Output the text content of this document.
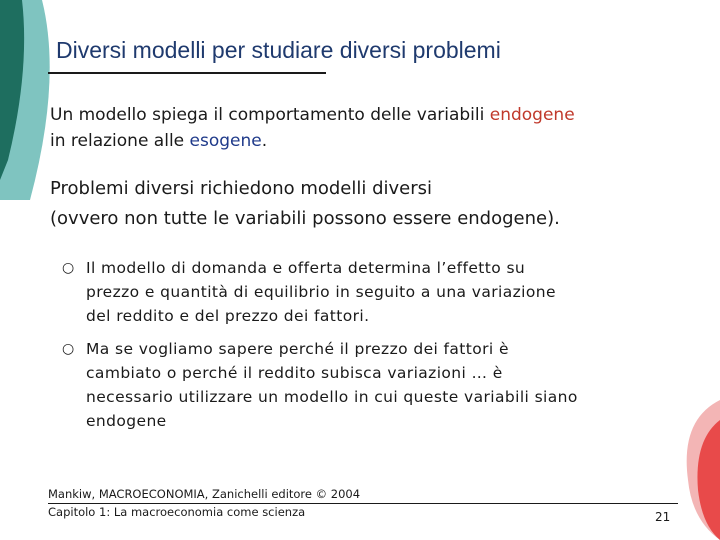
Diversi modelli per studiare diversi problemi
Un modello spiega il comportamento delle variabili endogene
in relazione alle esogene.
Problemi diversi richiedono modelli diversi
(ovvero non tutte le variabili possono essere endogene).
○ Il modello di domanda e offerta determina l’effetto su
prezzo e quantità di equilibrio in seguito a una variazione
del reddito e del prezzo dei fattori.
○ Ma se vogliamo sapere perché il prezzo dei fattori è
cambiato o perché il reddito subisca variazioni … è
necessario utilizzare un modello in cui queste variabili siano
endogene
Mankiw, MACROECONOMIA, Zanichelli editore © 2004
Capitolo 1: La macroeconomia come scienza	21
